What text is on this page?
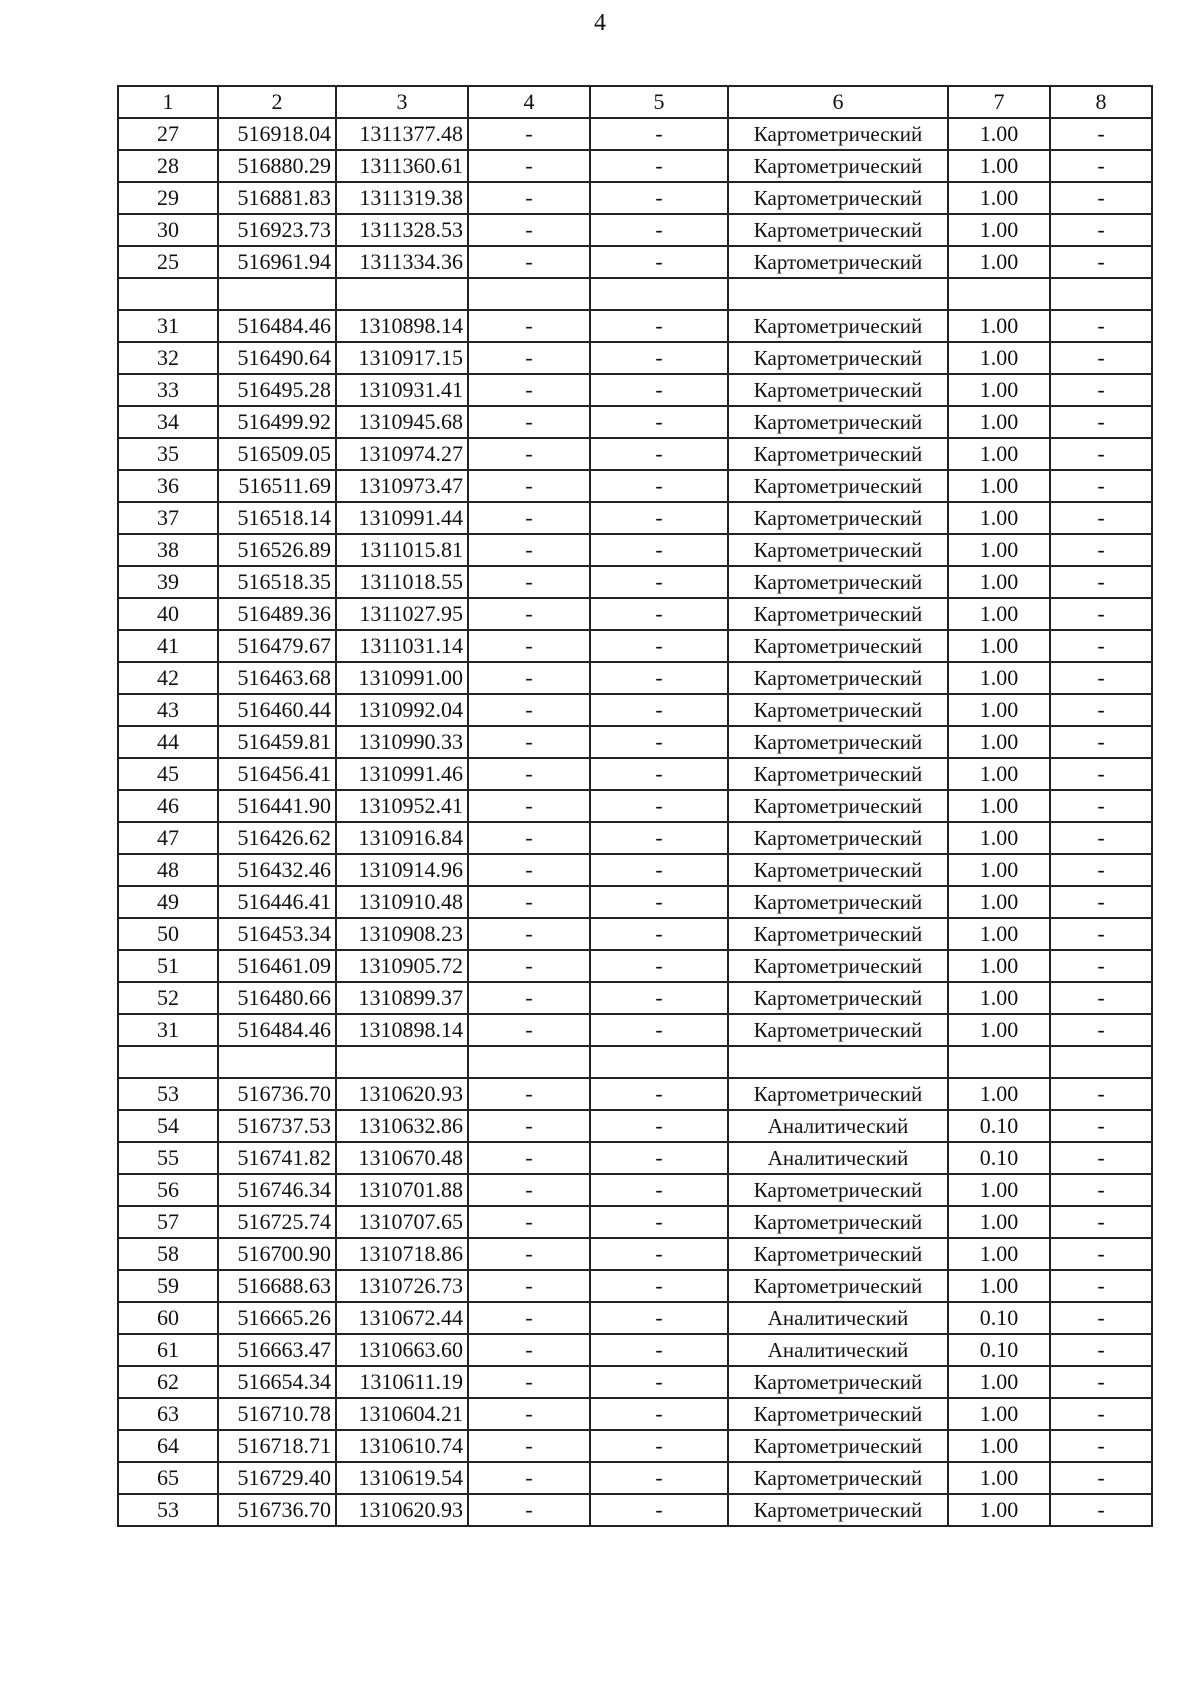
4
1	2	3	4	5	6	7	8
27	516918.04	1311377.48	-	-	Картометрический	1.00	-
28	516880.29	1311360.61	-	-	Картометрический	1.00	-
29	516881.83	1311319.38	-	-	Картометрический	1.00	-
30	516923.73	1311328.53	-	-	Картометрический	1.00	-
25	516961.94	1311334.36	-	-	Картометрический	1.00	-

31	516484.46	1310898.14	-	-	Картометрический	1.00	-
32	516490.64	1310917.15	-	-	Картометрический	1.00	-
33	516495.28	1310931.41	-	-	Картометрический	1.00	-
34	516499.92	1310945.68	-	-	Картометрический	1.00	-
35	516509.05	1310974.27	-	-	Картометрический	1.00	-
36	516511.69	1310973.47	-	-	Картометрический	1.00	-
37	516518.14	1310991.44	-	-	Картометрический	1.00	-
38	516526.89	1311015.81	-	-	Картометрический	1.00	-
39	516518.35	1311018.55	-	-	Картометрический	1.00	-
40	516489.36	1311027.95	-	-	Картометрический	1.00	-
41	516479.67	1311031.14	-	-	Картометрический	1.00	-
42	516463.68	1310991.00	-	-	Картометрический	1.00	-
43	516460.44	1310992.04	-	-	Картометрический	1.00	-
44	516459.81	1310990.33	-	-	Картометрический	1.00	-
45	516456.41	1310991.46	-	-	Картометрический	1.00	-
46	516441.90	1310952.41	-	-	Картометрический	1.00	-
47	516426.62	1310916.84	-	-	Картометрический	1.00	-
48	516432.46	1310914.96	-	-	Картометрический	1.00	-
49	516446.41	1310910.48	-	-	Картометрический	1.00	-
50	516453.34	1310908.23	-	-	Картометрический	1.00	-
51	516461.09	1310905.72	-	-	Картометрический	1.00	-
52	516480.66	1310899.37	-	-	Картометрический	1.00	-
31	516484.46	1310898.14	-	-	Картометрический	1.00	-

53	516736.70	1310620.93	-	-	Картометрический	1.00	-
54	516737.53	1310632.86	-	-	Аналитический	0.10	-
55	516741.82	1310670.48	-	-	Аналитический	0.10	-
56	516746.34	1310701.88	-	-	Картометрический	1.00	-
57	516725.74	1310707.65	-	-	Картометрический	1.00	-
58	516700.90	1310718.86	-	-	Картометрический	1.00	-
59	516688.63	1310726.73	-	-	Картометрический	1.00	-
60	516665.26	1310672.44	-	-	Аналитический	0.10	-
61	516663.47	1310663.60	-	-	Аналитический	0.10	-
62	516654.34	1310611.19	-	-	Картометрический	1.00	-
63	516710.78	1310604.21	-	-	Картометрический	1.00	-
64	516718.71	1310610.74	-	-	Картометрический	1.00	-
65	516729.40	1310619.54	-	-	Картометрический	1.00	-
53	516736.70	1310620.93	-	-	Картометрический	1.00	-
